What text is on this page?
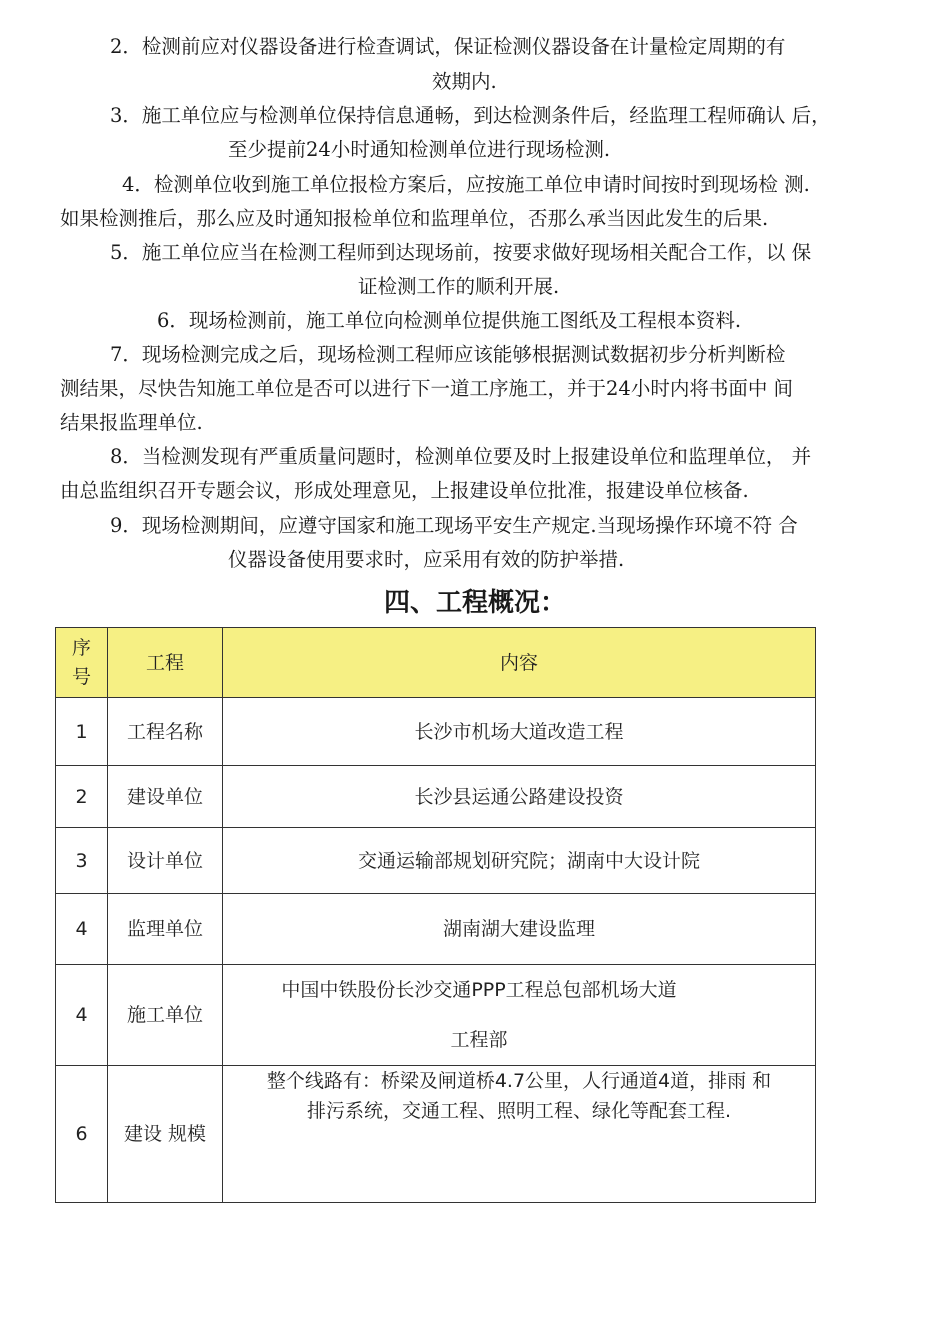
2．检测前应对仪器设备进行检查调试，保证检测仪器设备在计量检定周期的有
效期内.
3．施工单位应与检测单位保持信息通畅，到达检测条件后，经监理工程师确认 后，
至少提前24小时通知检测单位进行现场检测.
4．检测单位收到施工单位报检方案后，应按施工单位申请时间按时到现场检 测.
如果检测推后，那么应及时通知报检单位和监理单位，否那么承当因此发生的后果.
5．施工单位应当在检测工程师到达现场前，按要求做好现场相关配合工作，以 保
证检测工作的顺利开展.
6．现场检测前，施工单位向检测单位提供施工图纸及工程根本资料.
7．现场检测完成之后，现场检测工程师应该能够根据测试数据初步分析判断检
测结果，尽快告知施工单位是否可以进行下一道工序施工，并于24小时内将书面中 间
结果报监理单位.
8．当检测发现有严重质量问题时，检测单位要及时上报建设单位和监理单位， 并
由总监组织召开专题会议，形成处理意见，上报建设单位批准，报建设单位核备.
9．现场检测期间，应遵守国家和施工现场平安生产规定.当现场操作环境不符 合
仪器设备使用要求时，应采用有效的防护举措.
四、工程概况：
序
号	工程	内容
1	工程名称	长沙市机场大道改造工程
2	建设单位	长沙县运通公路建设投资
3	设计单位	交通运输部规划研究院；湖南中大设计院
4	监理单位	湖南湖大建设监理
4	施工单位	中国中铁股份长沙交通PPP工程总包部机场大道
工程部
6	建设 规模	整个线路有：桥梁及闸道桥4.7公里，人行通道4道，排雨 和
排污系统，交通工程、照明工程、绿化等配套工程.
